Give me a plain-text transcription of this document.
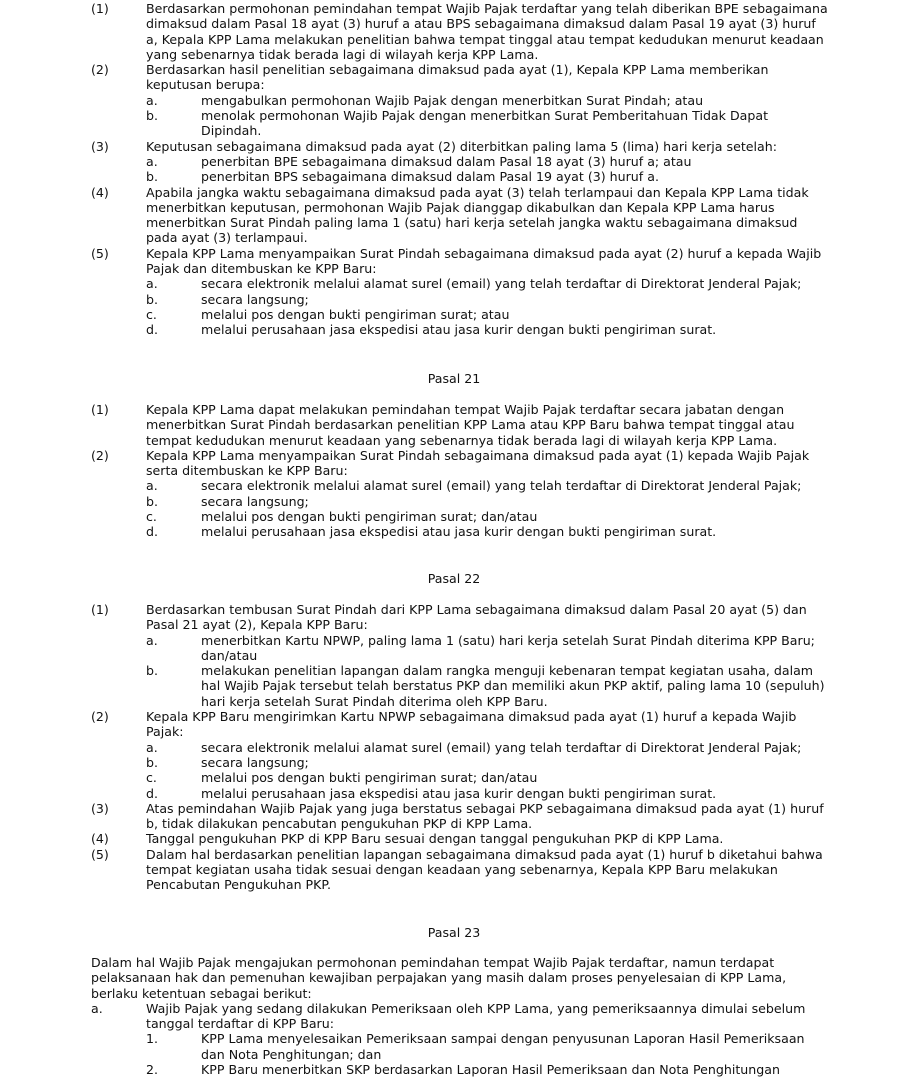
(1)	Berdasarkan permohonan pemindahan tempat Wajib Pajak terdaftar yang telah diberikan BPE sebagaimana dimaksud dalam Pasal 18 ayat (3) huruf a atau BPS sebagaimana dimaksud dalam Pasal 19 ayat (3) huruf a, Kepala KPP Lama melakukan penelitian bahwa tempat tinggal atau tempat kedudukan menurut keadaan yang sebenarnya tidak berada lagi di wilayah kerja KPP Lama.
(2)	Berdasarkan hasil penelitian sebagaimana dimaksud pada ayat (1), Kepala KPP Lama memberikan keputusan berupa:
a.	mengabulkan permohonan Wajib Pajak dengan menerbitkan Surat Pindah; atau
b.	menolak permohonan Wajib Pajak dengan menerbitkan Surat Pemberitahuan Tidak Dapat Dipindah.
(3)	Keputusan sebagaimana dimaksud pada ayat (2) diterbitkan paling lama 5 (lima) hari kerja setelah:
a.	penerbitan BPE sebagaimana dimaksud dalam Pasal 18 ayat (3) huruf a; atau
b.	penerbitan BPS sebagaimana dimaksud dalam Pasal 19 ayat (3) huruf a.
(4)	Apabila jangka waktu sebagaimana dimaksud pada ayat (3) telah terlampaui dan Kepala KPP Lama tidak menerbitkan keputusan, permohonan Wajib Pajak dianggap dikabulkan dan Kepala KPP Lama harus menerbitkan Surat Pindah paling lama 1 (satu) hari kerja setelah jangka waktu sebagaimana dimaksud pada ayat (3) terlampaui.
(5)	Kepala KPP Lama menyampaikan Surat Pindah sebagaimana dimaksud pada ayat (2) huruf a kepada Wajib Pajak dan ditembuskan ke KPP Baru:
a.	secara elektronik melalui alamat surel (email) yang telah terdaftar di Direktorat Jenderal Pajak;
b.	secara langsung;
c.	melalui pos dengan bukti pengiriman surat; atau
d.	melalui perusahaan jasa ekspedisi atau jasa kurir dengan bukti pengiriman surat.
Pasal 21
(1)	Kepala KPP Lama dapat melakukan pemindahan tempat Wajib Pajak terdaftar secara jabatan dengan menerbitkan Surat Pindah berdasarkan penelitian KPP Lama atau KPP Baru bahwa tempat tinggal atau tempat kedudukan menurut keadaan yang sebenarnya tidak berada lagi di wilayah kerja KPP Lama.
(2)	Kepala KPP Lama menyampaikan Surat Pindah sebagaimana dimaksud pada ayat (1) kepada Wajib Pajak serta ditembuskan ke KPP Baru:
a.	secara elektronik melalui alamat surel (email) yang telah terdaftar di Direktorat Jenderal Pajak;
b.	secara langsung;
c.	melalui pos dengan bukti pengiriman surat; dan/atau
d.	melalui perusahaan jasa ekspedisi atau jasa kurir dengan bukti pengiriman surat.
Pasal 22
(1)	Berdasarkan tembusan Surat Pindah dari KPP Lama sebagaimana dimaksud dalam Pasal 20 ayat (5) dan Pasal 21 ayat (2), Kepala KPP Baru:
a.	menerbitkan Kartu NPWP, paling lama 1 (satu) hari kerja setelah Surat Pindah diterima KPP Baru; dan/atau
b.	melakukan penelitian lapangan dalam rangka menguji kebenaran tempat kegiatan usaha, dalam hal Wajib Pajak tersebut telah berstatus PKP dan memiliki akun PKP aktif, paling lama 10 (sepuluh) hari kerja setelah Surat Pindah diterima oleh KPP Baru.
(2)	Kepala KPP Baru mengirimkan Kartu NPWP sebagaimana dimaksud pada ayat (1) huruf a kepada Wajib Pajak:
a.	secara elektronik melalui alamat surel (email) yang telah terdaftar di Direktorat Jenderal Pajak;
b.	secara langsung;
c.	melalui pos dengan bukti pengiriman surat; dan/atau
d.	melalui perusahaan jasa ekspedisi atau jasa kurir dengan bukti pengiriman surat.
(3)	Atas pemindahan Wajib Pajak yang juga berstatus sebagai PKP sebagaimana dimaksud pada ayat (1) huruf b, tidak dilakukan pencabutan pengukuhan PKP di KPP Lama.
(4)	Tanggal pengukuhan PKP di KPP Baru sesuai dengan tanggal pengukuhan PKP di KPP Lama.
(5)	Dalam hal berdasarkan penelitian lapangan sebagaimana dimaksud pada ayat (1) huruf b diketahui bahwa tempat kegiatan usaha tidak sesuai dengan keadaan yang sebenarnya, Kepala KPP Baru melakukan Pencabutan Pengukuhan PKP.
Pasal 23
Dalam hal Wajib Pajak mengajukan permohonan pemindahan tempat Wajib Pajak terdaftar, namun terdapat pelaksanaan hak dan pemenuhan kewajiban perpajakan yang masih dalam proses penyelesaian di KPP Lama, berlaku ketentuan sebagai berikut:
a.	Wajib Pajak yang sedang dilakukan Pemeriksaan oleh KPP Lama, yang pemeriksaannya dimulai sebelum tanggal terdaftar di KPP Baru:
1.	KPP Lama menyelesaikan Pemeriksaan sampai dengan penyusunan Laporan Hasil Pemeriksaan dan Nota Penghitungan; dan
2.	KPP Baru menerbitkan SKP berdasarkan Laporan Hasil Pemeriksaan dan Nota Penghitungan
